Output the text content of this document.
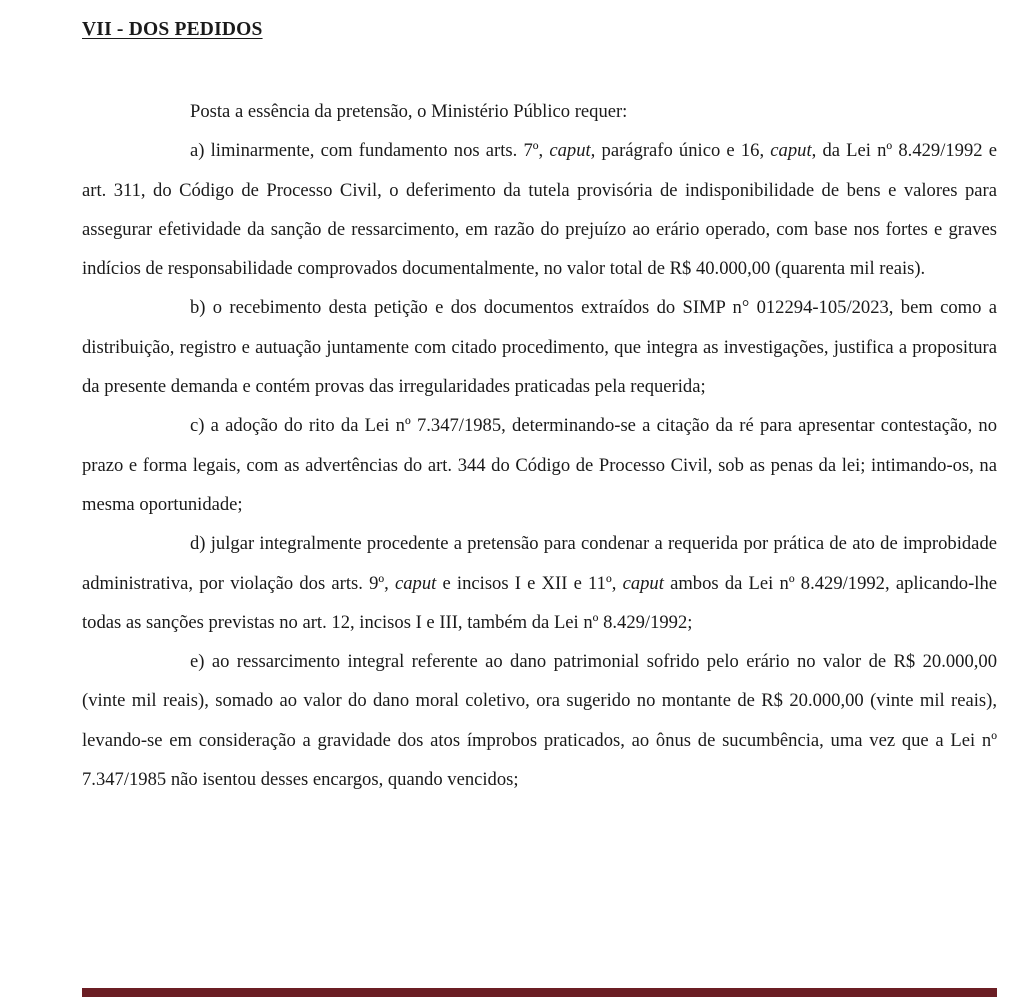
VII - DOS PEDIDOS

Posta a essência da pretensão, o Ministério Público requer:

a) liminarmente, com fundamento nos arts. 7º, caput, parágrafo único e 16, caput, da Lei nº 8.429/1992 e art. 311, do Código de Processo Civil, o deferimento da tutela provisória de indisponibilidade de bens e valores para assegurar efetividade da sanção de ressarcimento, em razão do prejuízo ao erário operado, com base nos fortes e graves indícios de responsabilidade comprovados documentalmente, no valor total de R$ 40.000,00 (quarenta mil reais).

b) o recebimento desta petição e dos documentos extraídos do SIMP n° 012294-105/2023, bem como a distribuição, registro e autuação juntamente com citado procedimento, que integra as investigações, justifica a propositura da presente demanda e contém provas das irregularidades praticadas pela requerida;

c) a adoção do rito da Lei nº 7.347/1985, determinando-se a citação da ré para apresentar contestação, no prazo e forma legais, com as advertências do art. 344 do Código de Processo Civil, sob as penas da lei; intimando-os, na mesma oportunidade;

d) julgar integralmente procedente a pretensão para condenar a requerida por prática de ato de improbidade administrativa, por violação dos arts. 9º, caput e incisos I e XII e 11º, caput ambos da Lei nº 8.429/1992, aplicando-lhe todas as sanções previstas no art. 12, incisos I e III, também da Lei nº 8.429/1992;

e) ao ressarcimento integral referente ao dano patrimonial sofrido pelo erário no valor de R$ 20.000,00 (vinte mil reais), somado ao valor do dano moral coletivo, ora sugerido no montante de R$ 20.000,00 (vinte mil reais), levando-se em consideração a gravidade dos atos ímprobos praticados, ao ônus de sucumbência, uma vez que a Lei nº 7.347/1985 não isentou desses encargos, quando vencidos;
